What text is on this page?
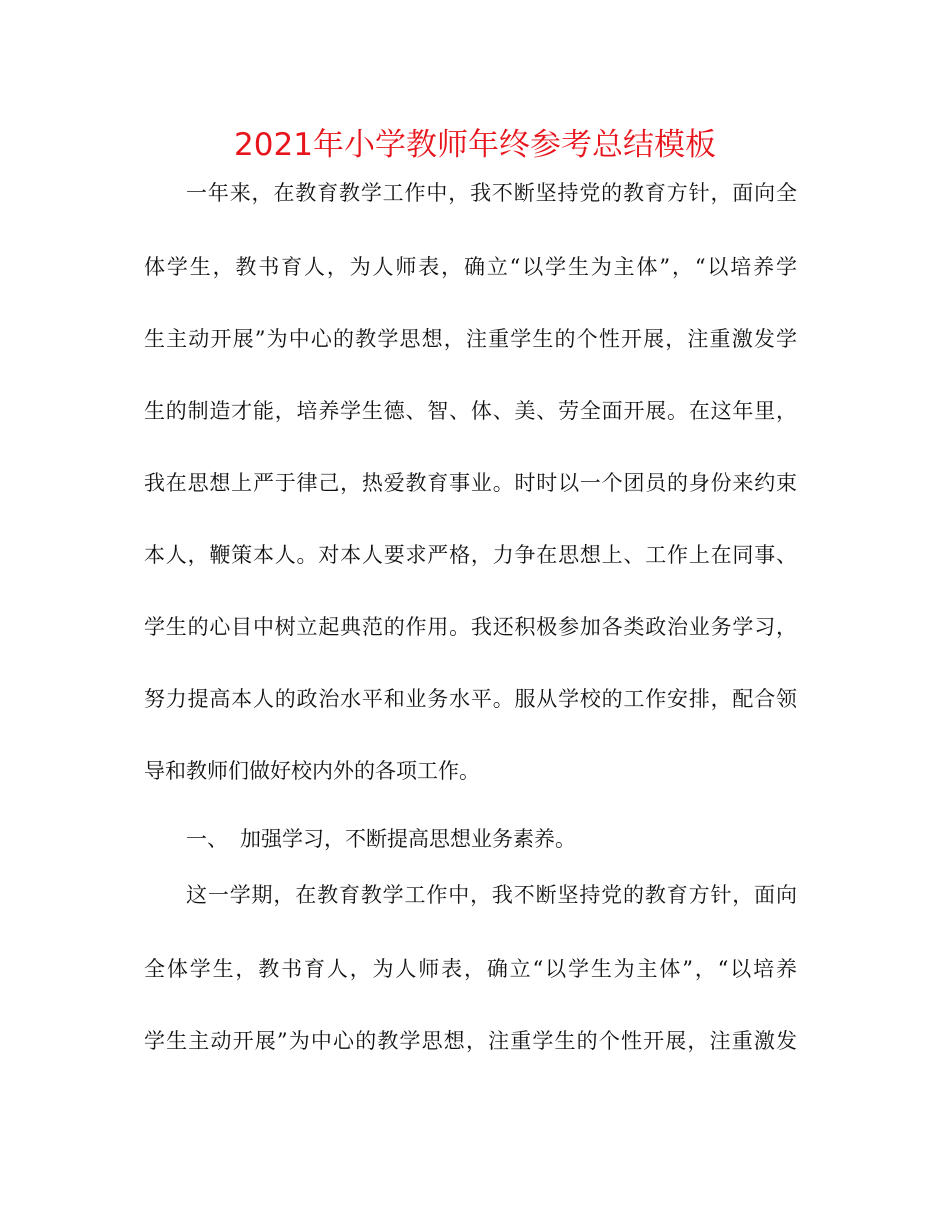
2021年小学教师年终参考总结模板

一年来，在教育教学工作中，我不断坚持党的教育方针，面向全

体学生，教书育人，为人师表，确立“以学生为主体”，“以培养学

生主动开展”为中心的教学思想，注重学生的个性开展，注重激发学

生的制造才能，培养学生德、智、体、美、劳全面开展。在这年里，

我在思想上严于律己，热爱教育事业。时时以一个团员的身份来约束

本人，鞭策本人。对本人要求严格，力争在思想上、工作上在同事、

学生的心目中树立起典范的作用。我还积极参加各类政治业务学习，

努力提高本人的政治水平和业务水平。服从学校的工作安排，配合领

导和教师们做好校内外的各项工作。

一、 加强学习，不断提高思想业务素养。

这一学期，在教育教学工作中，我不断坚持党的教育方针，面向

全体学生，教书育人，为人师表，确立“以学生为主体”，“以培养

学生主动开展”为中心的教学思想，注重学生的个性开展，注重激发
